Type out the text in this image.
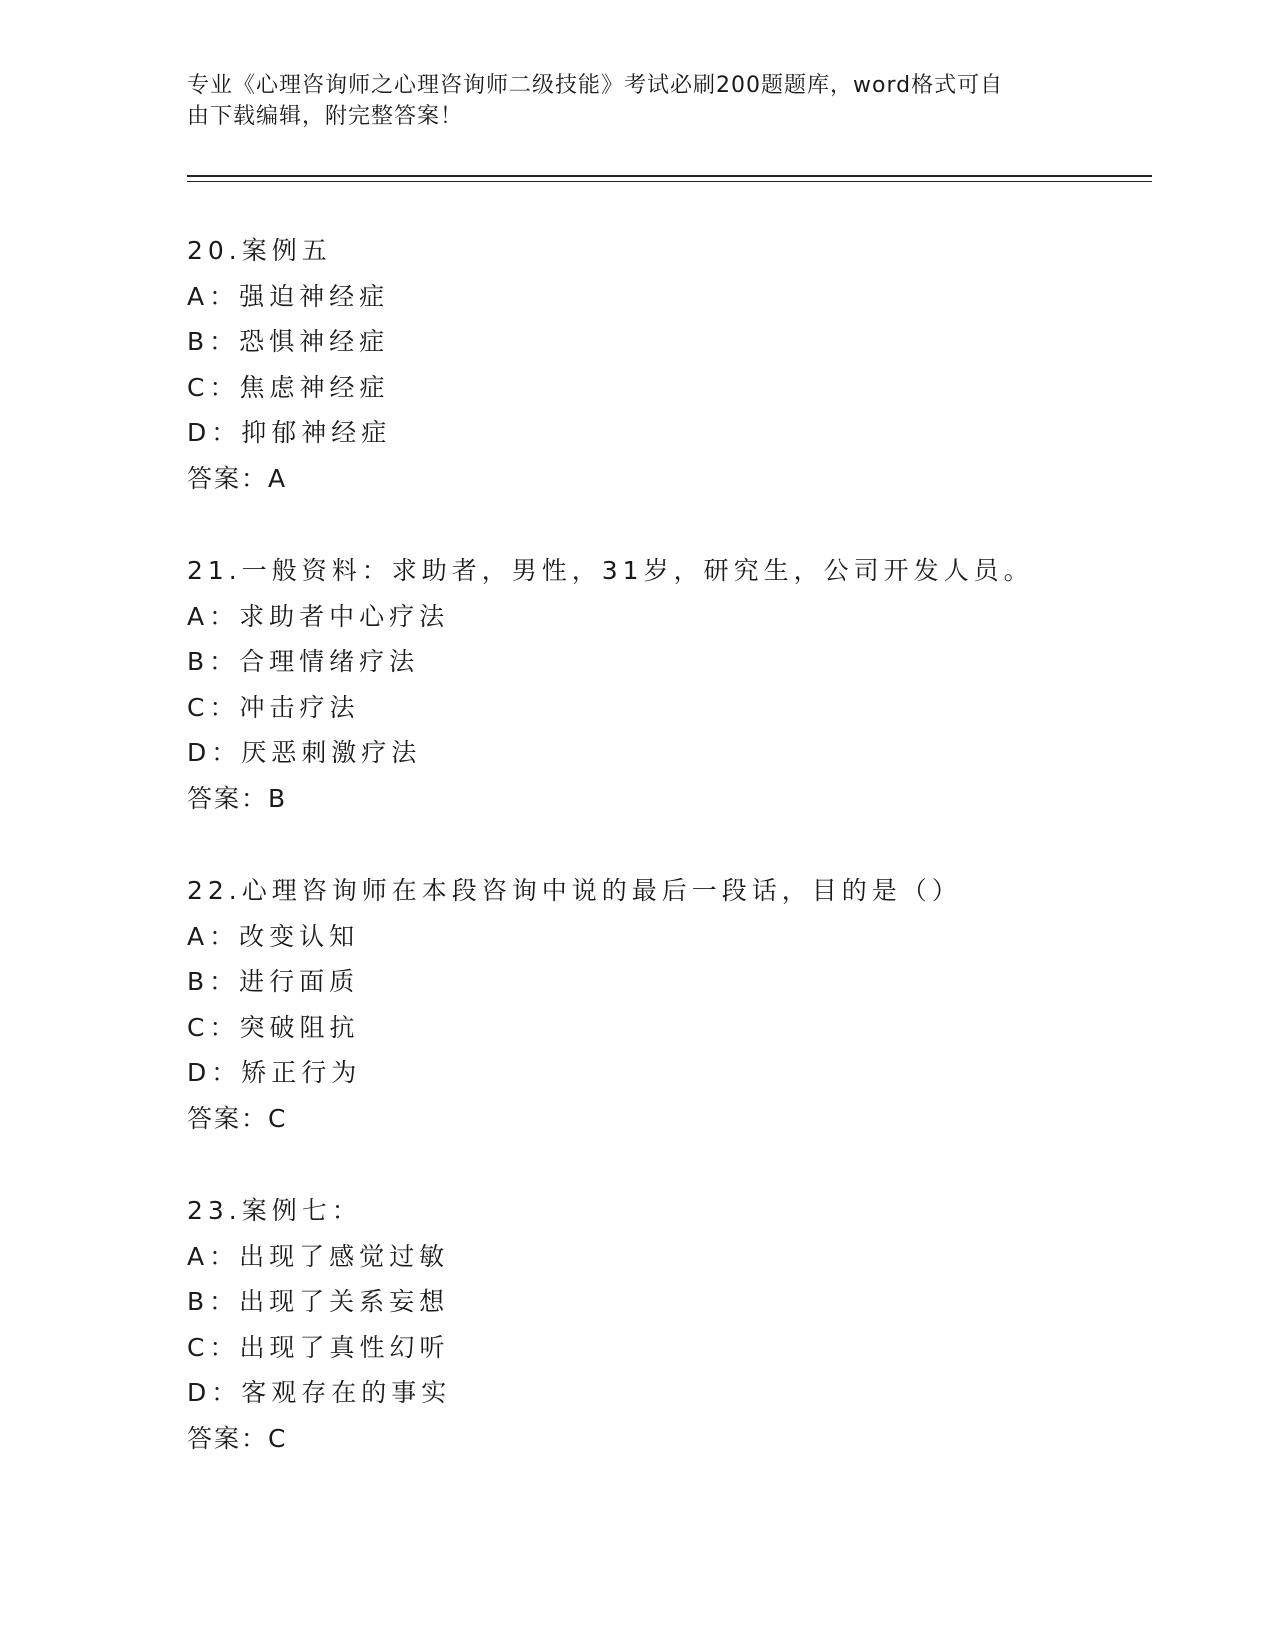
专业《心理咨询师之心理咨询师二级技能》考试必刷200题题库，word格式可自
由下载编辑，附完整答案！
20.案例五
A：强迫神经症
B：恐惧神经症
C：焦虑神经症
D：抑郁神经症
答案：A
21.一般资料：求助者，男性，31岁，研究生，公司开发人员。
A：求助者中心疗法
B：合理情绪疗法
C：冲击疗法
D：厌恶刺激疗法
答案：B
22.心理咨询师在本段咨询中说的最后一段话，目的是（）
A：改变认知
B：进行面质
C：突破阻抗
D：矫正行为
答案：C
23.案例七：
A：出现了感觉过敏
B：出现了关系妄想
C：出现了真性幻听
D：客观存在的事实
答案：C
